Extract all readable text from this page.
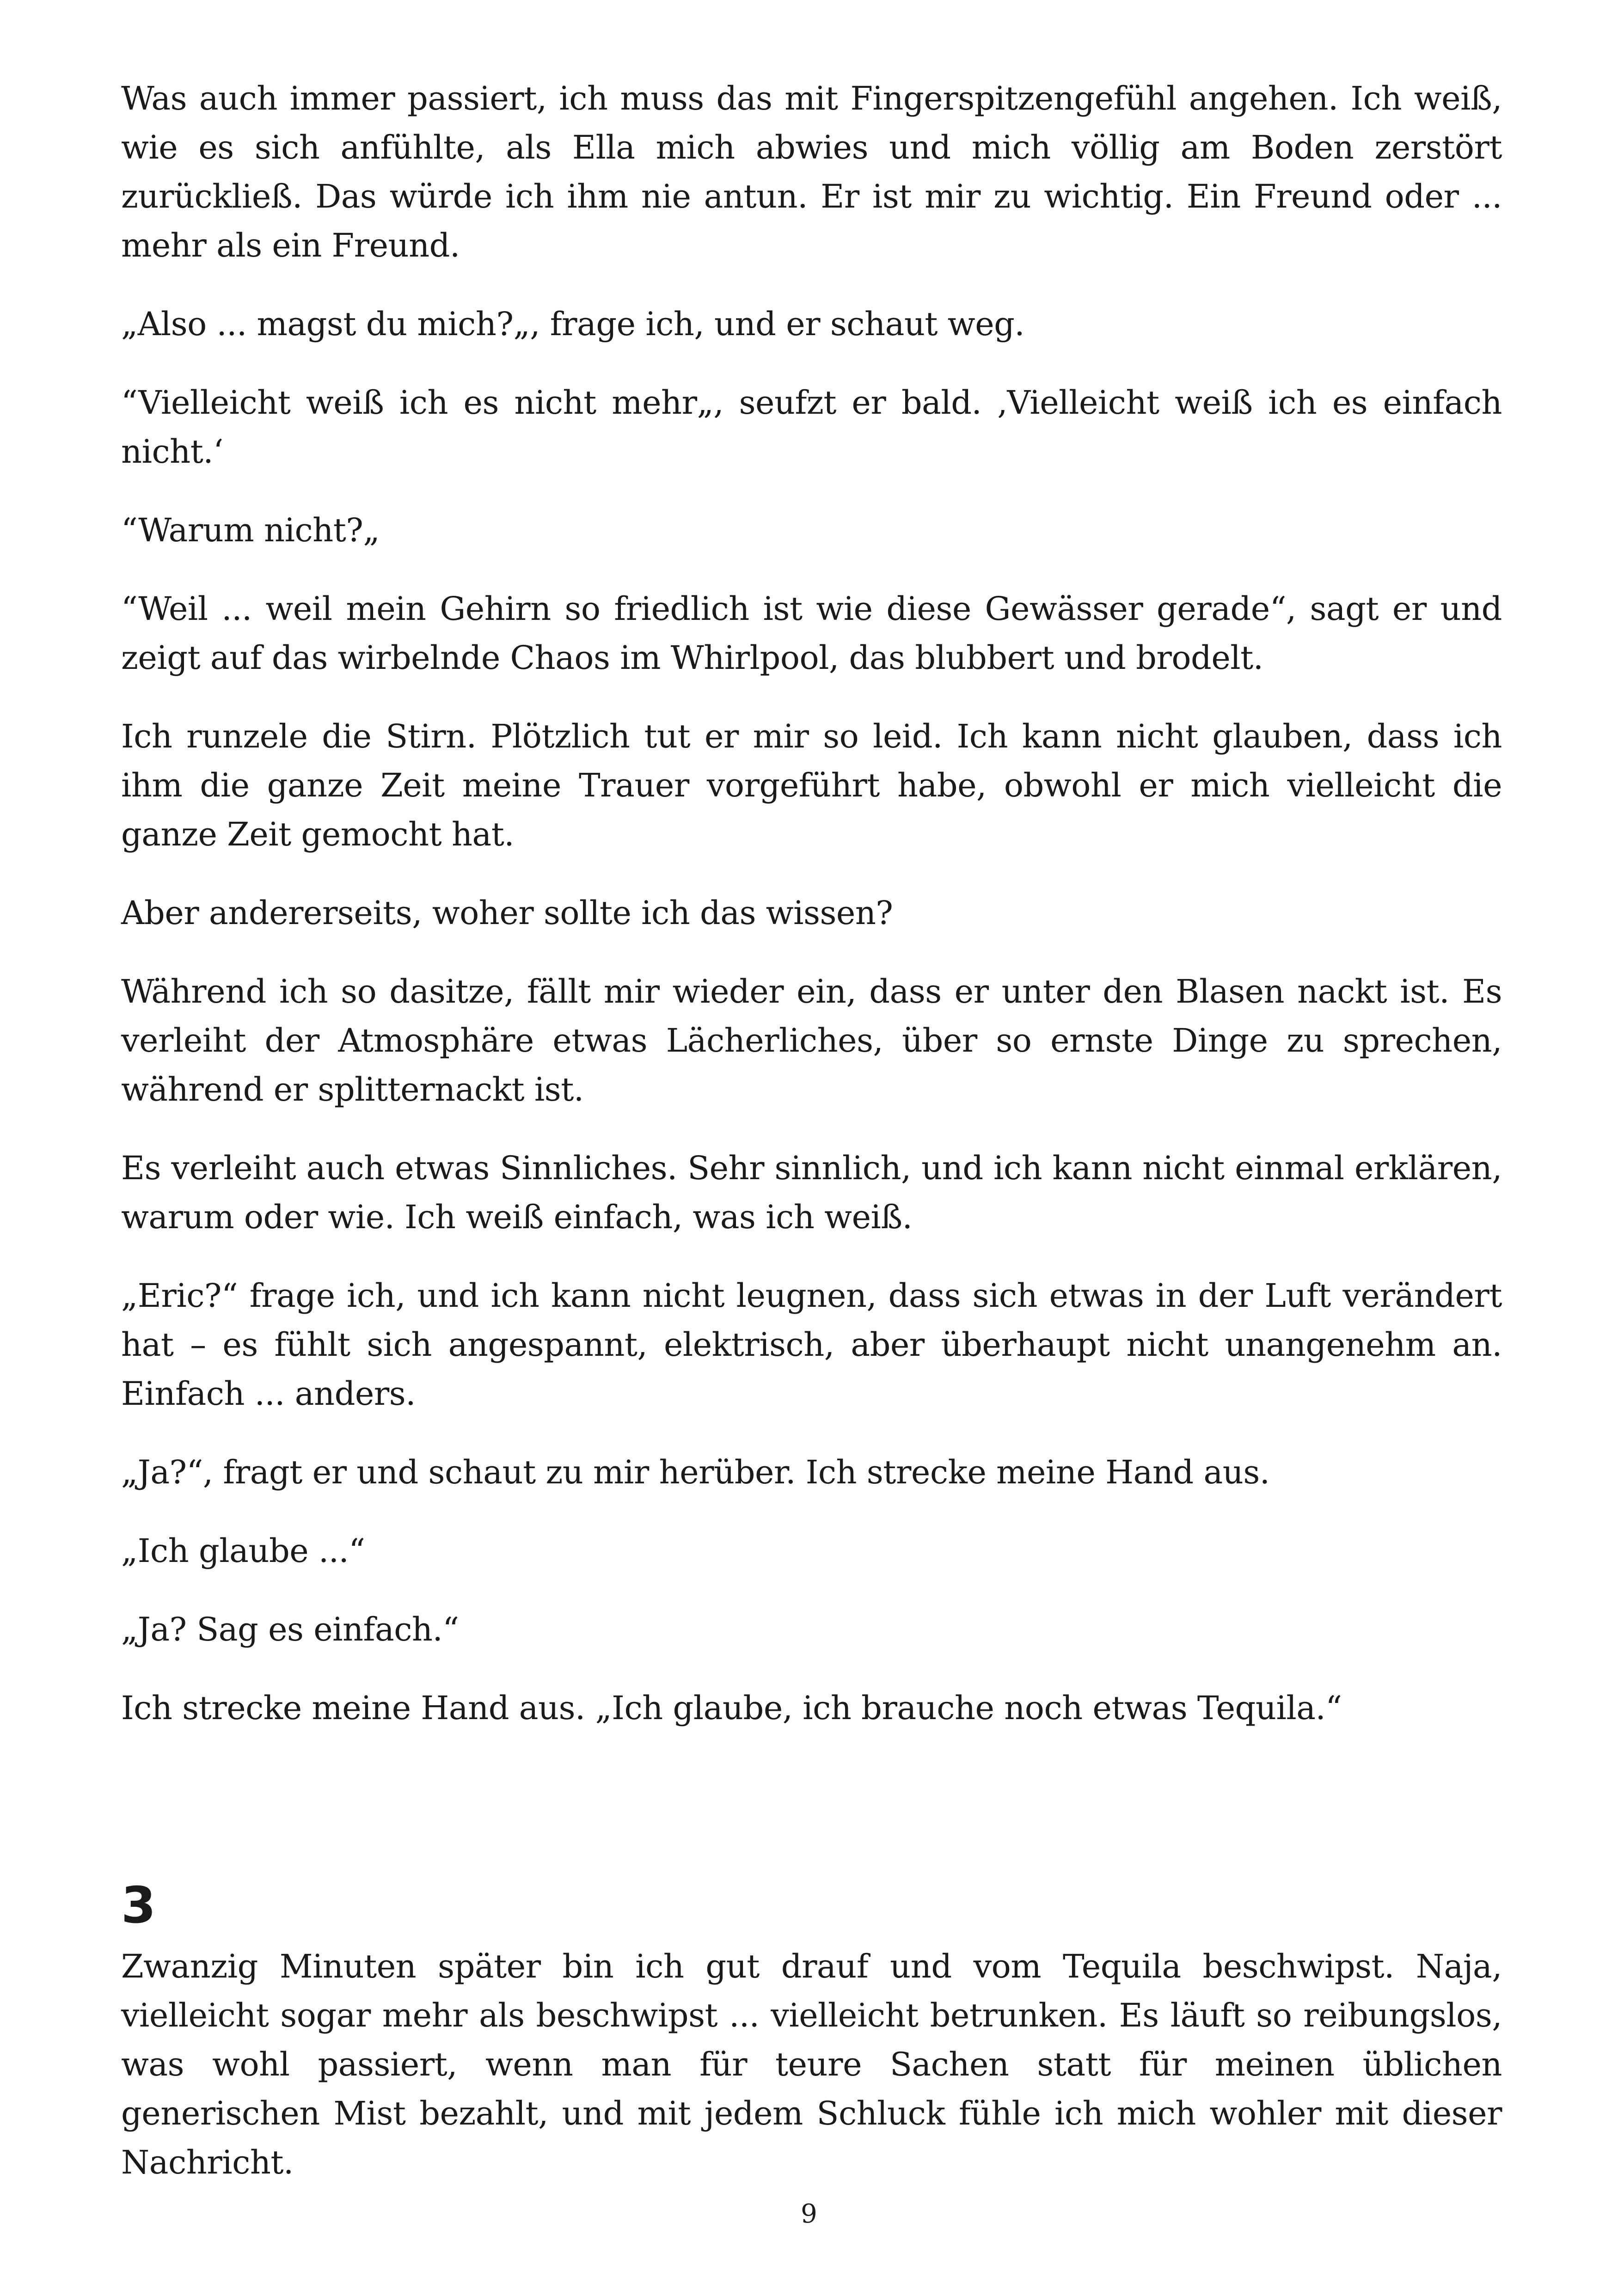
Was auch immer passiert, ich muss das mit Fingerspitzengefühl angehen. Ich weiß, wie es sich anfühlte, als Ella mich abwies und mich völlig am Boden zerstört zurückließ. Das würde ich ihm nie antun. Er ist mir zu wichtig. Ein Freund oder ... mehr als ein Freund.

„Also ... magst du mich?„, frage ich, und er schaut weg.

“Vielleicht weiß ich es nicht mehr„, seufzt er bald. ‚Vielleicht weiß ich es einfach nicht.‘

“Warum nicht?„

“Weil ... weil mein Gehirn so friedlich ist wie diese Gewässer gerade“, sagt er und zeigt auf das wirbelnde Chaos im Whirlpool, das blubbert und brodelt.

Ich runzele die Stirn. Plötzlich tut er mir so leid. Ich kann nicht glauben, dass ich ihm die ganze Zeit meine Trauer vorgeführt habe, obwohl er mich vielleicht die ganze Zeit gemocht hat.

Aber andererseits, woher sollte ich das wissen?

Während ich so dasitze, fällt mir wieder ein, dass er unter den Blasen nackt ist. Es verleiht der Atmosphäre etwas Lächerliches, über so ernste Dinge zu sprechen, während er splitternackt ist.

Es verleiht auch etwas Sinnliches. Sehr sinnlich, und ich kann nicht einmal erklären, warum oder wie. Ich weiß einfach, was ich weiß.

„Eric?“ frage ich, und ich kann nicht leugnen, dass sich etwas in der Luft verändert hat – es fühlt sich angespannt, elektrisch, aber überhaupt nicht unangenehm an. Einfach ... anders.

„Ja?“, fragt er und schaut zu mir herüber. Ich strecke meine Hand aus.

„Ich glaube ...“

„Ja? Sag es einfach.“

Ich strecke meine Hand aus. „Ich glaube, ich brauche noch etwas Tequila.“

3

Zwanzig Minuten später bin ich gut drauf und vom Tequila beschwipst. Naja, vielleicht sogar mehr als beschwipst ... vielleicht betrunken. Es läuft so reibungslos, was wohl passiert, wenn man für teure Sachen statt für meinen üblichen generischen Mist bezahlt, und mit jedem Schluck fühle ich mich wohler mit dieser Nachricht.

9
